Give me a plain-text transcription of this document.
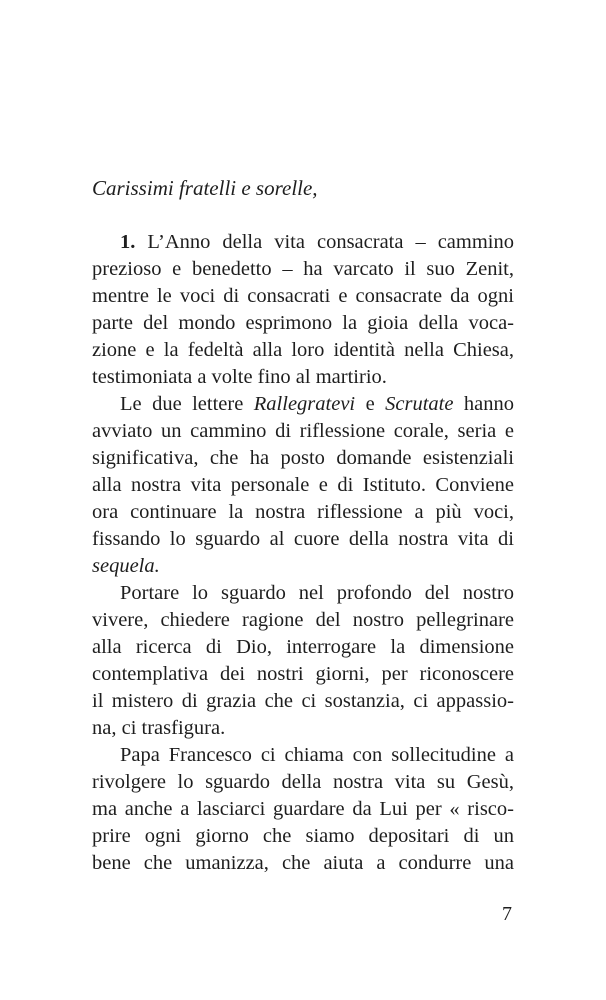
Carissimi fratelli e sorelle,
1. L’Anno della vita consacrata – cammino
prezioso e benedetto – ha varcato il suo Zenit,
mentre le voci di consacrati e consacrate da ogni
parte del mondo esprimono la gioia della voca-
zione e la fedeltà alla loro identità nella Chiesa,
testimoniata a volte fino al martirio.
Le due lettere Rallegratevi e Scrutate hanno
avviato un cammino di riflessione corale, seria e
significativa, che ha posto domande esistenziali
alla nostra vita personale e di Istituto. Conviene
ora continuare la nostra riflessione a più voci,
fissando lo sguardo al cuore della nostra vita di
sequela.
Portare lo sguardo nel profondo del nostro
vivere, chiedere ragione del nostro pellegrinare
alla ricerca di Dio, interrogare la dimensione
contemplativa dei nostri giorni, per riconoscere
il mistero di grazia che ci sostanzia, ci appassio-
na, ci trasfigura.
Papa Francesco ci chiama con sollecitudine a
rivolgere lo sguardo della nostra vita su Gesù,
ma anche a lasciarci guardare da Lui per « risco-
prire ogni giorno che siamo depositari di un
bene che umanizza, che aiuta a condurre una
7
